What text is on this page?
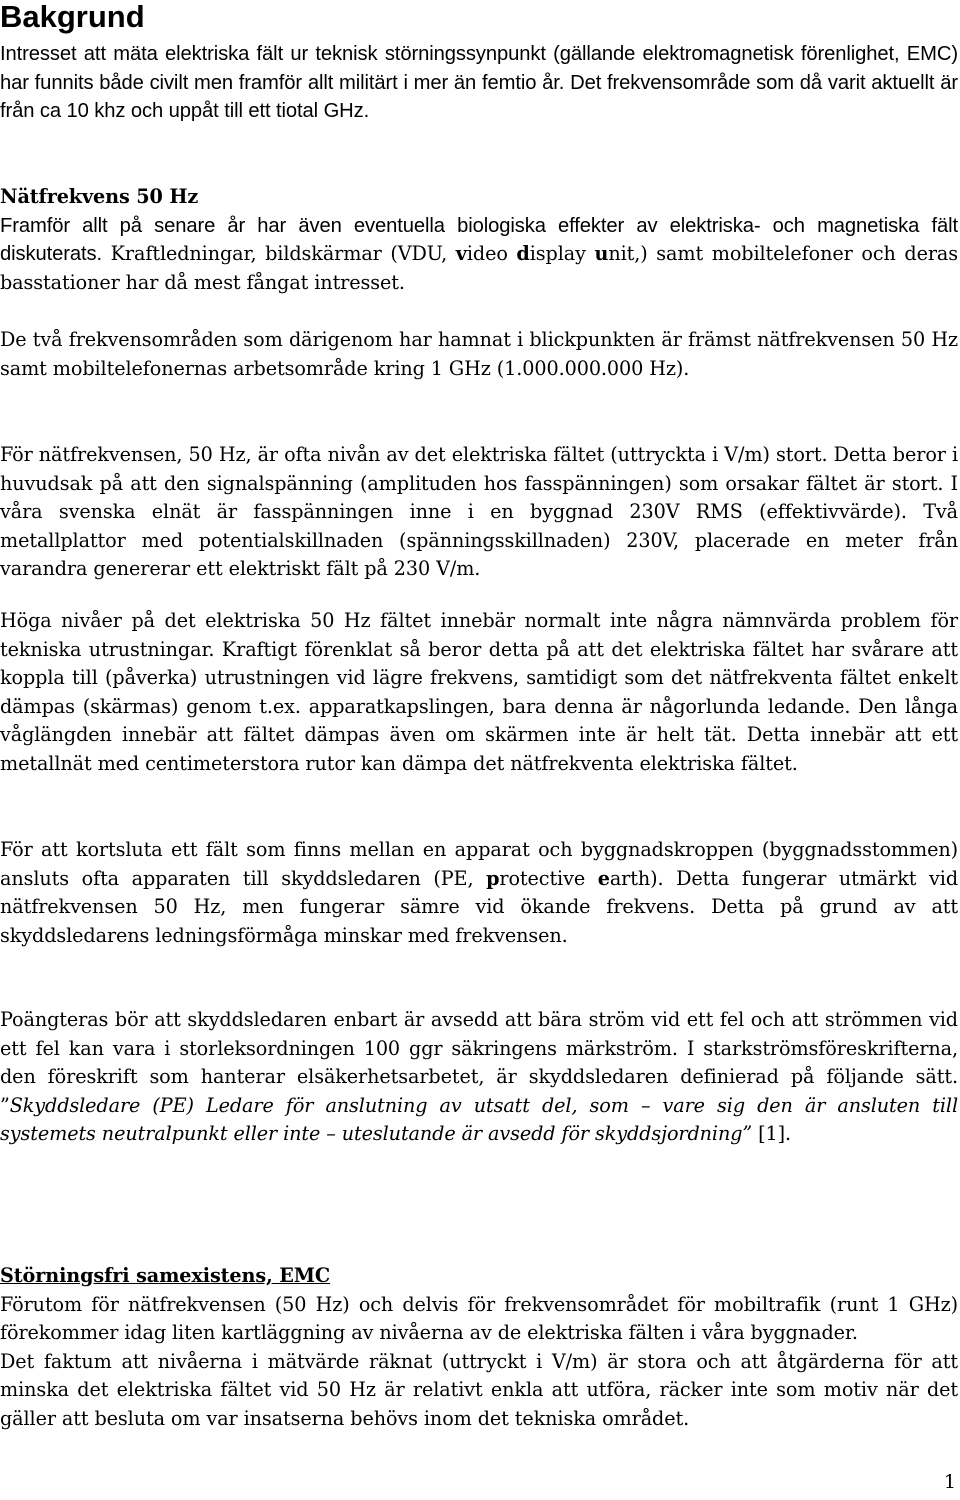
Bakgrund

Intresset att mäta elektriska fält ur teknisk störningssynpunkt (gällande elektromagnetisk förenlighet, EMC) har funnits både civilt men framför allt militärt i mer än femtio år. Det frekvensområde som då varit aktuellt är från ca 10 khz och uppåt till ett tiotal GHz.

Nätfrekvens 50 Hz
Framför allt på senare år har även eventuella biologiska effekter av elektriska- och magnetiska fält diskuterats. Kraftledningar, bildskärmar (VDU, video display unit,) samt mobiltelefoner och deras basstationer har då mest fångat intresset.

De två frekvensområden som därigenom har hamnat i blickpunkten är främst nätfrekvensen 50 Hz samt mobiltelefonernas arbetsområde kring 1 GHz (1.000.000.000 Hz).

För nätfrekvensen, 50 Hz, är ofta nivån av det elektriska fältet (uttryckta i V/m) stort. Detta beror i huvudsak på att den signalspänning (amplituden hos fasspänningen) som orsakar fältet är stort. I våra svenska elnät är fasspänningen inne i en byggnad 230V RMS (effektivvärde). Två metallplattor med potentialskillnaden (spänningsskillnaden) 230V, placerade en meter från varandra genererar ett elektriskt fält på 230 V/m.

Höga nivåer på det elektriska 50 Hz fältet innebär normalt inte några nämnvärda problem för tekniska utrustningar. Kraftigt förenklat så beror detta på att det elektriska fältet har svårare att koppla till (påverka) utrustningen vid lägre frekvens, samtidigt som det nätfrekventa fältet enkelt dämpas (skärmas) genom t.ex. apparatkapslingen, bara denna är någorlunda ledande. Den långa våglängden innebär att fältet dämpas även om skärmen inte är helt tät. Detta innebär att ett metallnät med centimeterstora rutor kan dämpa det nätfrekventa elektriska fältet.

För att kortsluta ett fält som finns mellan en apparat och byggnadskroppen (byggnadsstommen) ansluts ofta apparaten till skyddsledaren (PE, protective earth). Detta fungerar utmärkt vid nätfrekvensen 50 Hz, men fungerar sämre vid ökande frekvens. Detta på grund av att skyddsledarens ledningsförmåga minskar med frekvensen.

Poängteras bör att skyddsledaren enbart är avsedd att bära ström vid ett fel och att strömmen vid ett fel kan vara i storleksordningen 100 ggr säkringens märkström. I starkströmsföreskrifterna, den föreskrift som hanterar elsäkerhetsarbetet, är skyddsledaren definierad på följande sätt. ”Skyddsledare (PE) Ledare för anslutning av utsatt del, som – vare sig den är ansluten till systemets neutralpunkt eller inte – uteslutande är avsedd för skyddsjordning” [1].

Störningsfri samexistens, EMC
Förutom för nätfrekvensen (50 Hz) och delvis för frekvensområdet för mobiltrafik (runt 1 GHz) förekommer idag liten kartläggning av nivåerna av de elektriska fälten i våra byggnader.
Det faktum att nivåerna i mätvärde räknat (uttryckt i V/m) är stora och att åtgärderna för att minska det elektriska fältet vid 50 Hz är relativt enkla att utföra, räcker inte som motiv när det gäller att besluta om var insatserna behövs inom det tekniska området.
1
